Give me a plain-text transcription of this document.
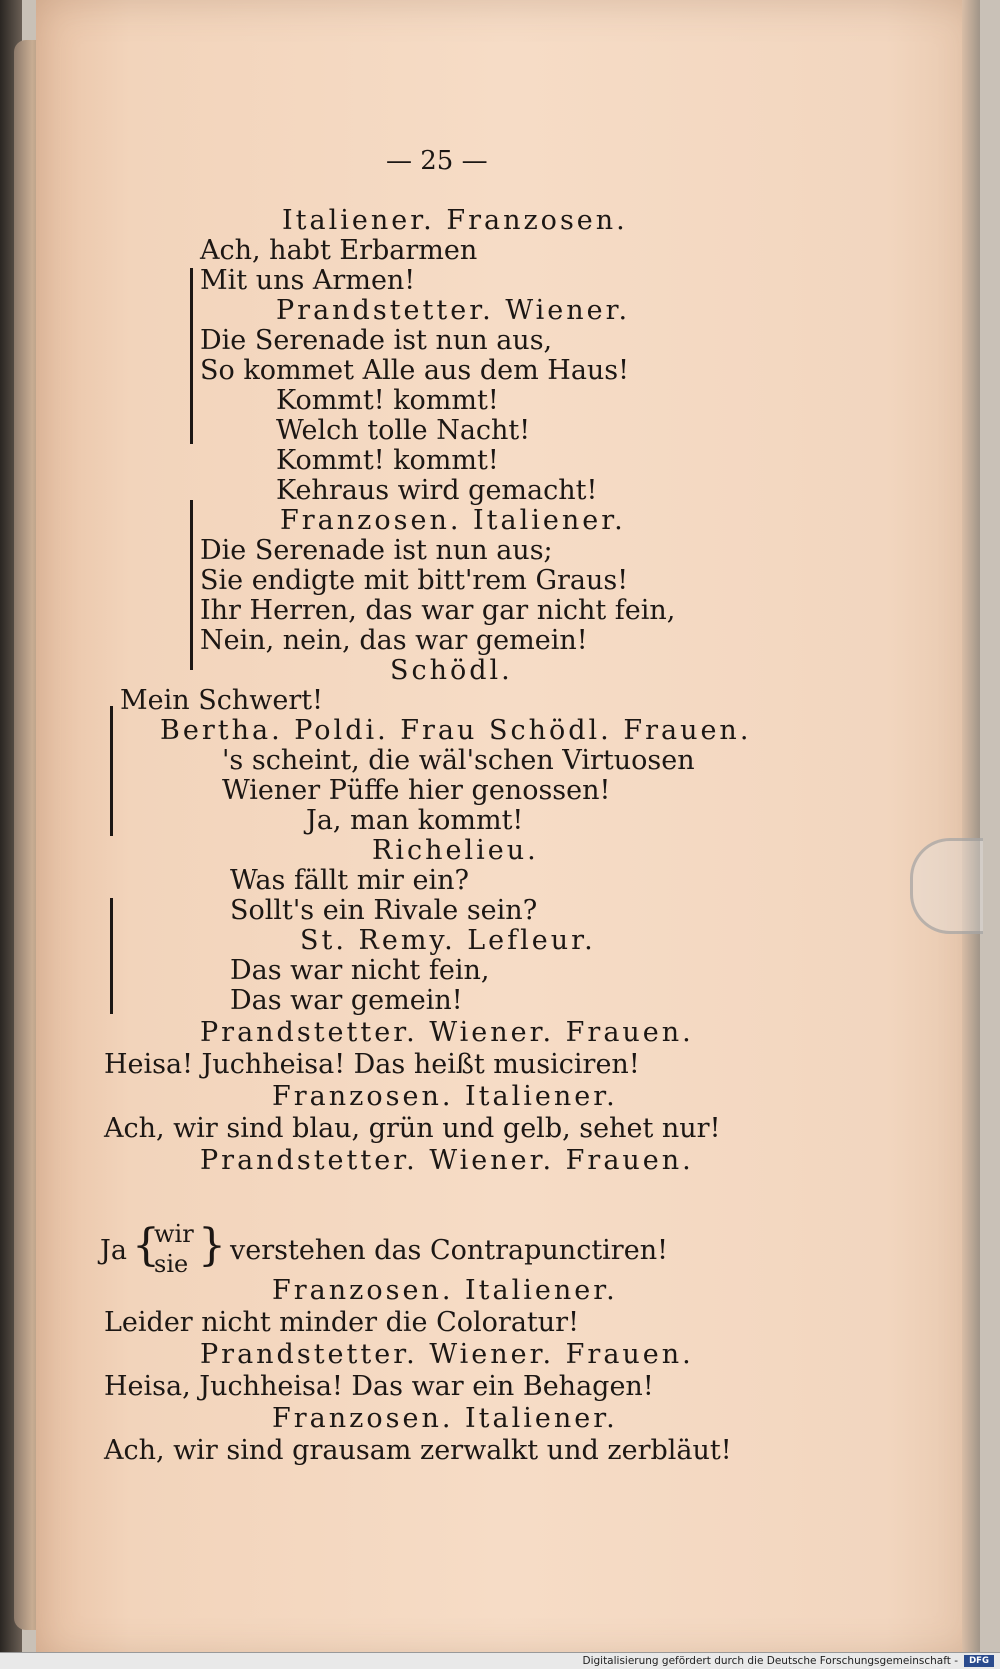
— 25 —
Italiener. Franzosen.
Ach, habt Erbarmen
Mit uns Armen!
Prandstetter. Wiener.
Die Serenade ist nun aus,
So kommet Alle aus dem Haus!
Kommt! kommt!
Welch tolle Nacht!
Kommt! kommt!
Kehraus wird gemacht!
Franzosen. Italiener.
Die Serenade ist nun aus;
Sie endigte mit bitt'rem Graus!
Ihr Herren, das war gar nicht fein,
Nein, nein, das war gemein!
Schödl.
Mein Schwert!
Bertha. Poldi. Frau Schödl. Frauen.
's scheint, die wäl'schen Virtuosen
Wiener Püffe hier genossen!
Ja, man kommt!
Richelieu.
Was fällt mir ein?
Sollt's ein Rivale sein?
St. Remy. Lefleur.
Das war nicht fein,
Das war gemein!
Prandstetter. Wiener. Frauen.
Heisa! Juchheisa! Das heißt musiciren!
Franzosen. Italiener.
Ach, wir sind blau, grün und gelb, sehet nur!
Prandstetter. Wiener. Frauen.
Ja {
wir
sie } verstehen das Contrapunctiren!
Franzosen. Italiener.
Leider nicht minder die Coloratur!
Prandstetter. Wiener. Frauen.
Heisa, Juchheisa! Das war ein Behagen!
Franzosen. Italiener.
Ach, wir sind grausam zerwalkt und zerbläut!
Digitalisierung gefördert durch die Deutsche Forschungsgemeinschaft -	DFG
